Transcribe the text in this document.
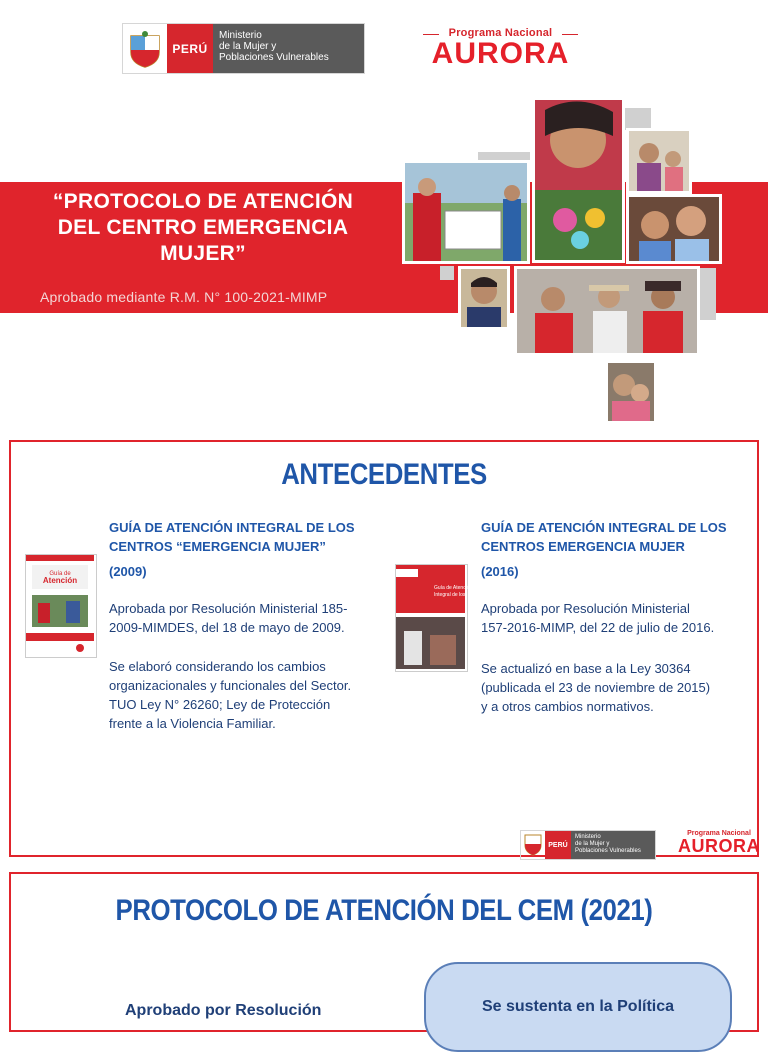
PERÚ
Ministerio
de la Mujer y
Poblaciones Vulnerables
Programa Nacional
AURORA
“PROTOCOLO DE ATENCIÓN
DEL CENTRO EMERGENCIA
MUJER”
Aprobado mediante R.M. N° 100-2021-MIMP
ANTECEDENTES
Guía de
Atención
GUÍA DE ATENCIÓN INTEGRAL DE LOS
CENTROS “EMERGENCIA MUJER”
(2009)
Aprobada por Resolución Ministerial 185-
2009-MIMDES, del 18 de mayo de 2009.
Se elaboró considerando los cambios
organizacionales y funcionales del Sector.
TUO Ley N° 26260; Ley de Protección
frente a la Violencia Familiar.
Guía de Atención
Integral de los
GUÍA DE ATENCIÓN INTEGRAL DE LOS
CENTROS EMERGENCIA MUJER
(2016)
Aprobada por Resolución Ministerial
157-2016-MIMP, del 22 de julio de 2016.
Se actualizó en base a la Ley 30364
(publicada el 23 de noviembre de 2015)
y a otros cambios normativos.
PERÚ
Ministerio
de la Mujer y
Poblaciones Vulnerables
Programa Nacional
AURORA
PROTOCOLO DE ATENCIÓN DEL CEM (2021)
Aprobado por Resolución	Se sustenta en la Política
